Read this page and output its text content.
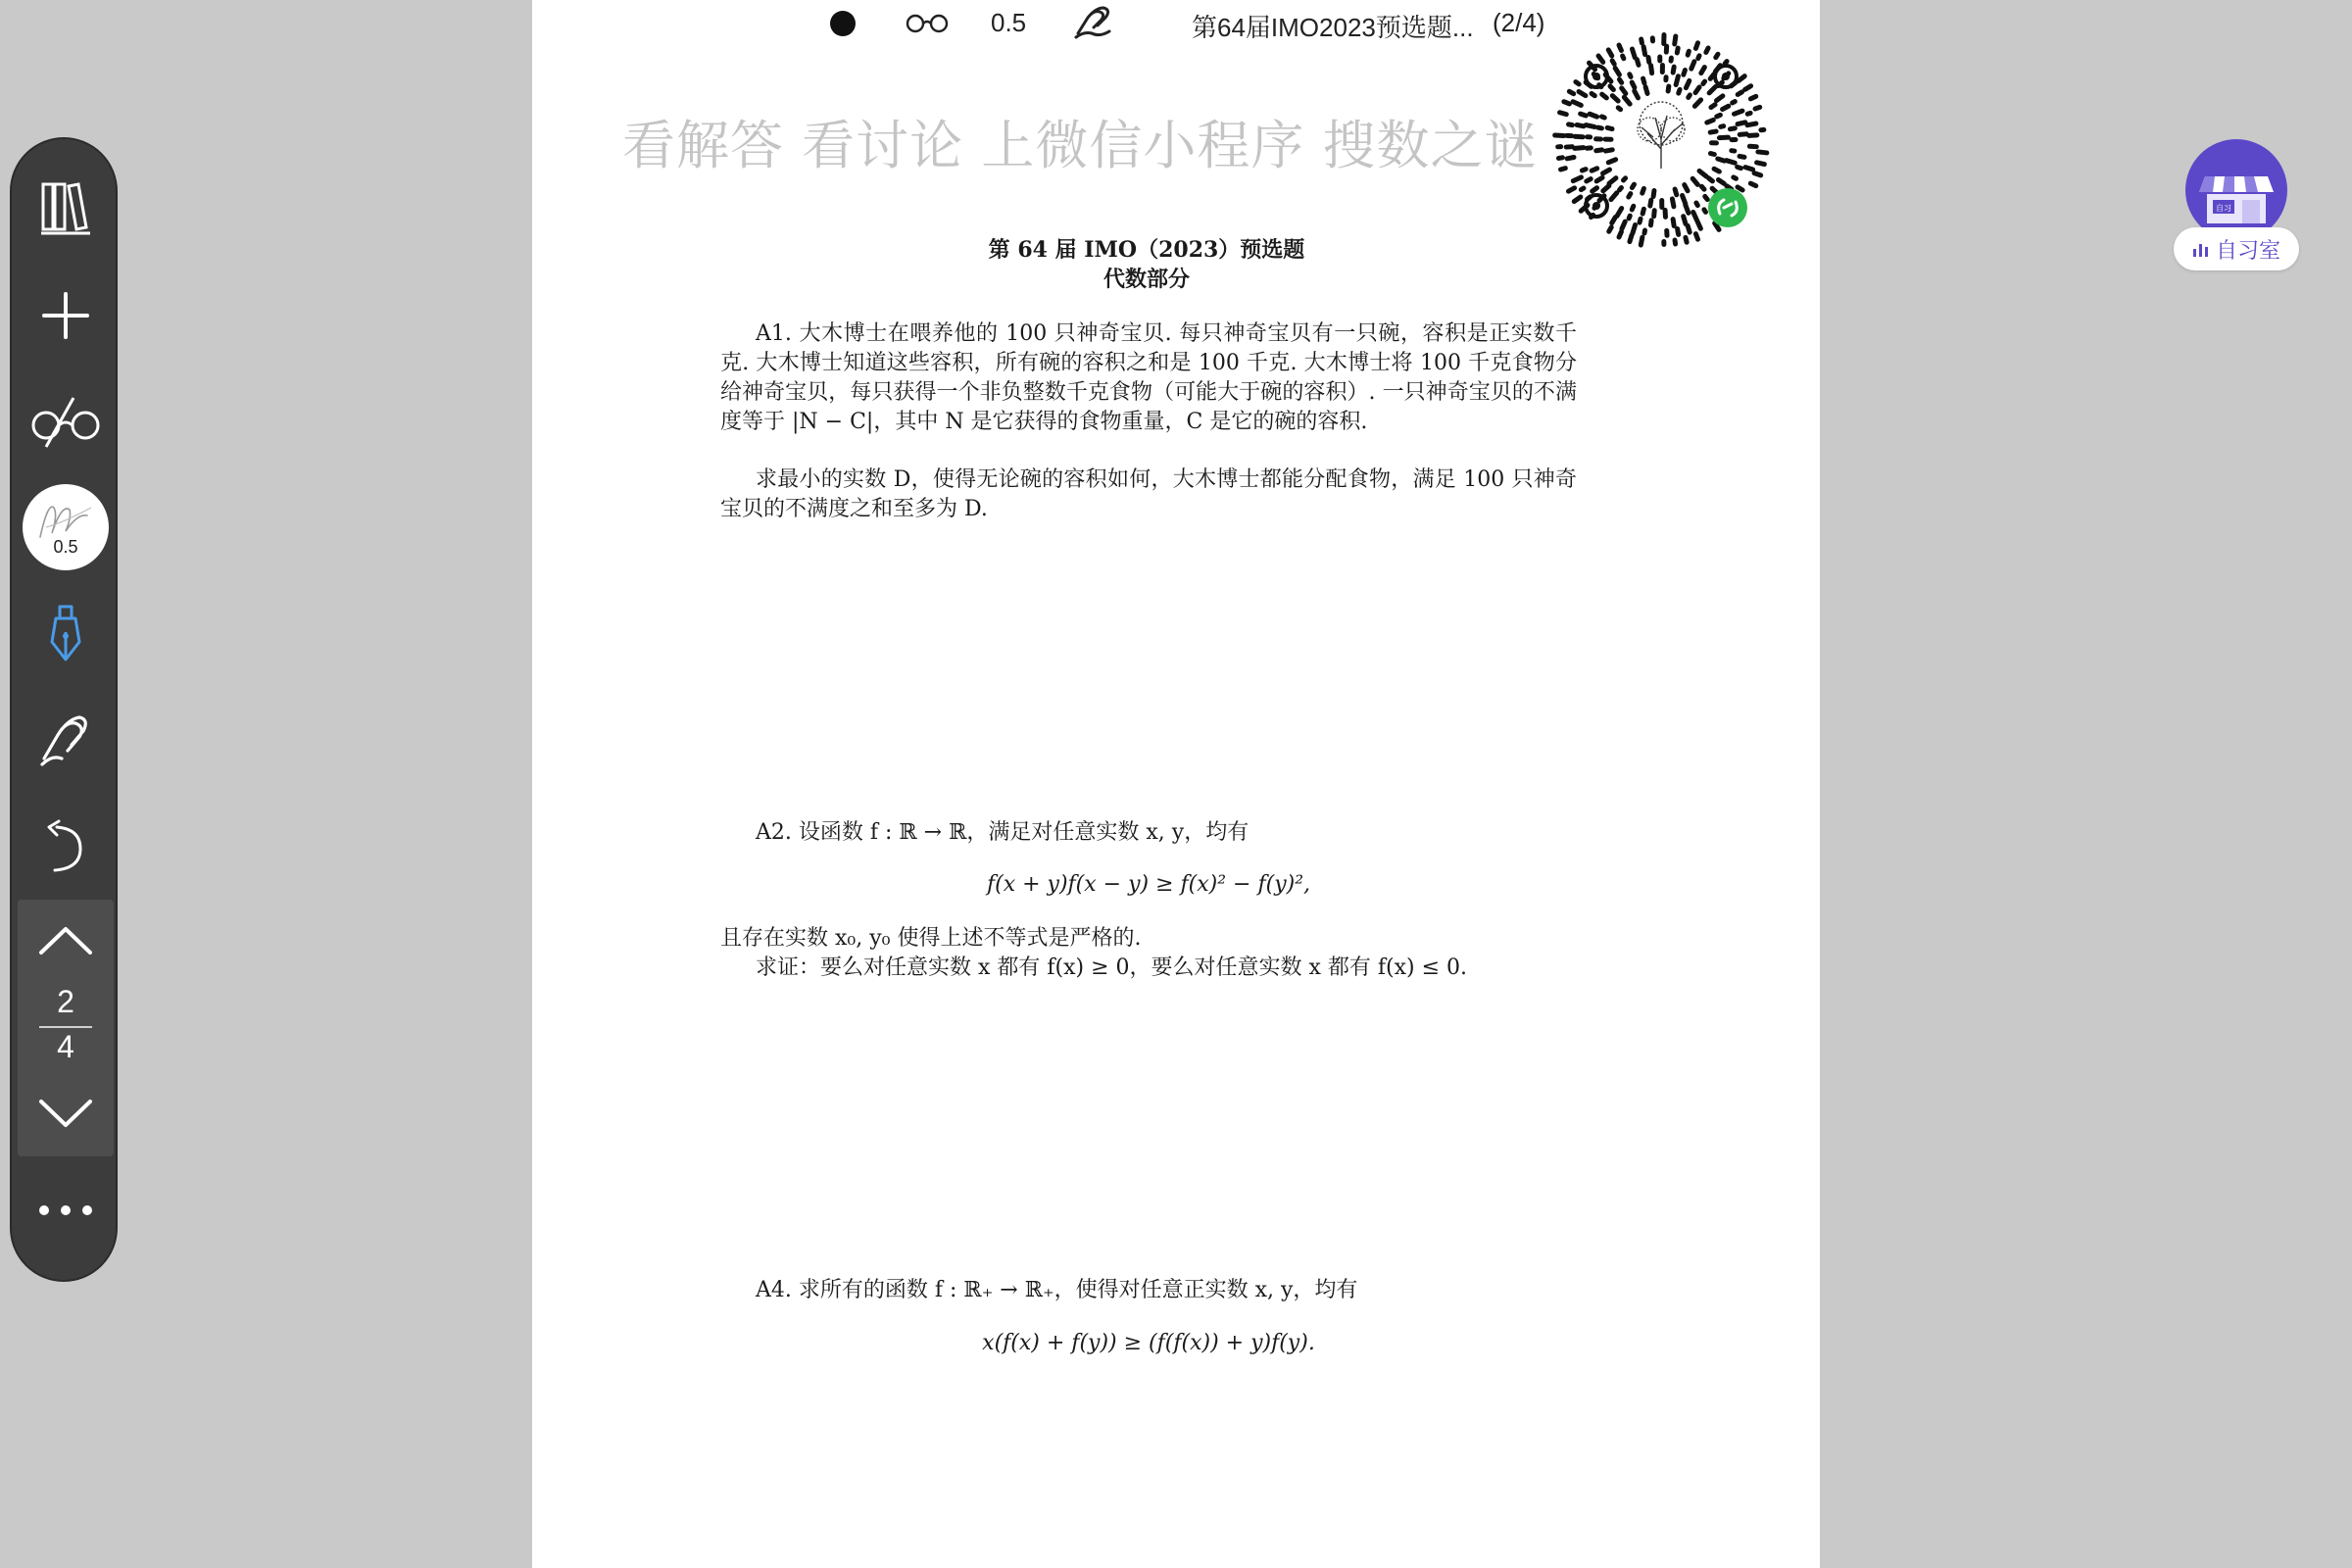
0.5	第64届IMO2023预选题... (2/4)
看解答 看讨论 上微信小程序 搜数之谜
第 64 届 IMO（2023）预选题
代数部分
A1. 大木博士在喂养他的 100 只神奇宝贝. 每只神奇宝贝有一只碗，容积是正实数千克. 大木博士知道这些容积，所有碗的容积之和是 100 千克. 大木博士将 100 千克食物分给神奇宝贝，每只获得一个非负整数千克食物（可能大于碗的容积）. 一只神奇宝贝的不满度等于 |N − C|，其中 N 是它获得的食物重量，C 是它的碗的容积.
求最小的实数 D，使得无论碗的容积如何，大木博士都能分配食物，满足 100 只神奇宝贝的不满度之和至多为 D.
A2. 设函数 f : ℝ → ℝ，满足对任意实数 x, y，均有
f(x + y)f(x − y) ≥ f(x)² − f(y)²,
且存在实数 x₀, y₀ 使得上述不等式是严格的.
求证：要么对任意实数 x 都有 f(x) ≥ 0，要么对任意实数 x 都有 f(x) ≤ 0.
A4. 求所有的函数 f : ℝ₊ → ℝ₊，使得对任意正实数 x, y，均有
x(f(x) + f(y)) ≥ (f(f(x)) + y)f(y).
0.5
2
4
自习
自习室
